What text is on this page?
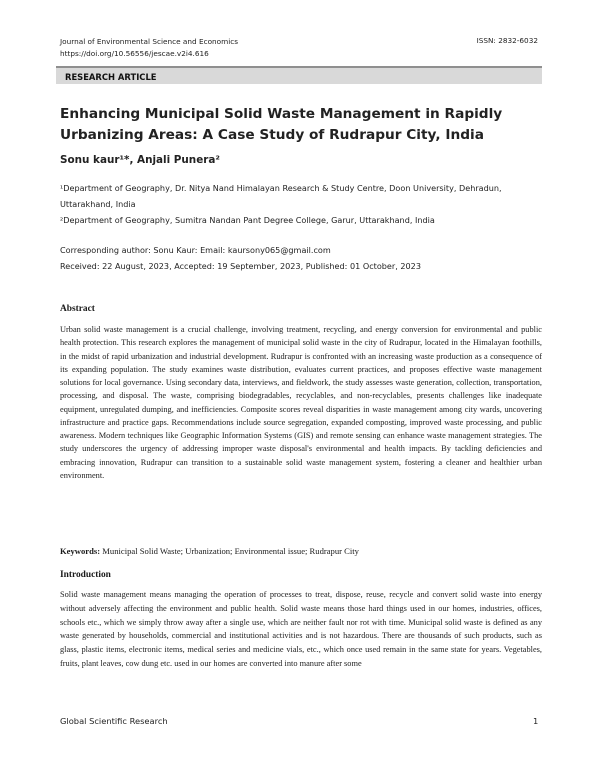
Journal of Environmental Science and Economics
https://doi.org/10.56556/jescae.v2i4.616
ISSN: 2832-6032
RESEARCH ARTICLE
Enhancing Municipal Solid Waste Management in Rapidly Urbanizing Areas: A Case Study of Rudrapur City, India
Sonu kaur¹*, Anjali Punera²
¹Department of Geography, Dr. Nitya Nand Himalayan Research & Study Centre, Doon University, Dehradun, Uttarakhand, India
²Department of Geography, Sumitra Nandan Pant Degree College, Garur, Uttarakhand, India
Corresponding author: Sonu Kaur: Email: kaursony065@gmail.com
Received: 22 August, 2023, Accepted: 19 September, 2023, Published: 01 October, 2023
Abstract
Urban solid waste management is a crucial challenge, involving treatment, recycling, and energy conversion for environmental and public health protection. This research explores the management of municipal solid waste in the city of Rudrapur, located in the Himalayan foothills, in the midst of rapid urbanization and industrial development. Rudrapur is confronted with an increasing waste production as a consequence of its expanding population. The study examines waste distribution, evaluates current practices, and proposes effective waste management solutions for local governance. Using secondary data, interviews, and fieldwork, the study assesses waste generation, collection, transportation, processing, and disposal. The waste, comprising biodegradables, recyclables, and non-recyclables, presents challenges like inadequate equipment, unregulated dumping, and inefficiencies. Composite scores reveal disparities in waste management among city wards, uncovering infrastructure and practice gaps. Recommendations include source segregation, expanded composting, improved waste processing, and public awareness. Modern techniques like Geographic Information Systems (GIS) and remote sensing can enhance waste management strategies. The study underscores the urgency of addressing improper waste disposal's environmental and health impacts. By tackling deficiencies and embracing innovation, Rudrapur can transition to a sustainable solid waste management system, fostering a cleaner and healthier urban environment.
Keywords: Municipal Solid Waste; Urbanization; Environmental issue; Rudrapur City
Introduction
Solid waste management means managing the operation of processes to treat, dispose, reuse, recycle and convert solid waste into energy without adversely affecting the environment and public health. Solid waste means those hard things used in our homes, industries, offices, schools etc., which we simply throw away after a single use, which are neither fault nor rot with time. Municipal solid waste is defined as any waste generated by households, commercial and institutional activities and is not hazardous. There are thousands of such products, such as glass, plastic items, electronic items, medical series and medicine vials, etc., which once used remain in the same state for years. Vegetables, fruits, plant leaves, cow dung etc. used in our homes are converted into manure after some
Global Scientific Research	1
